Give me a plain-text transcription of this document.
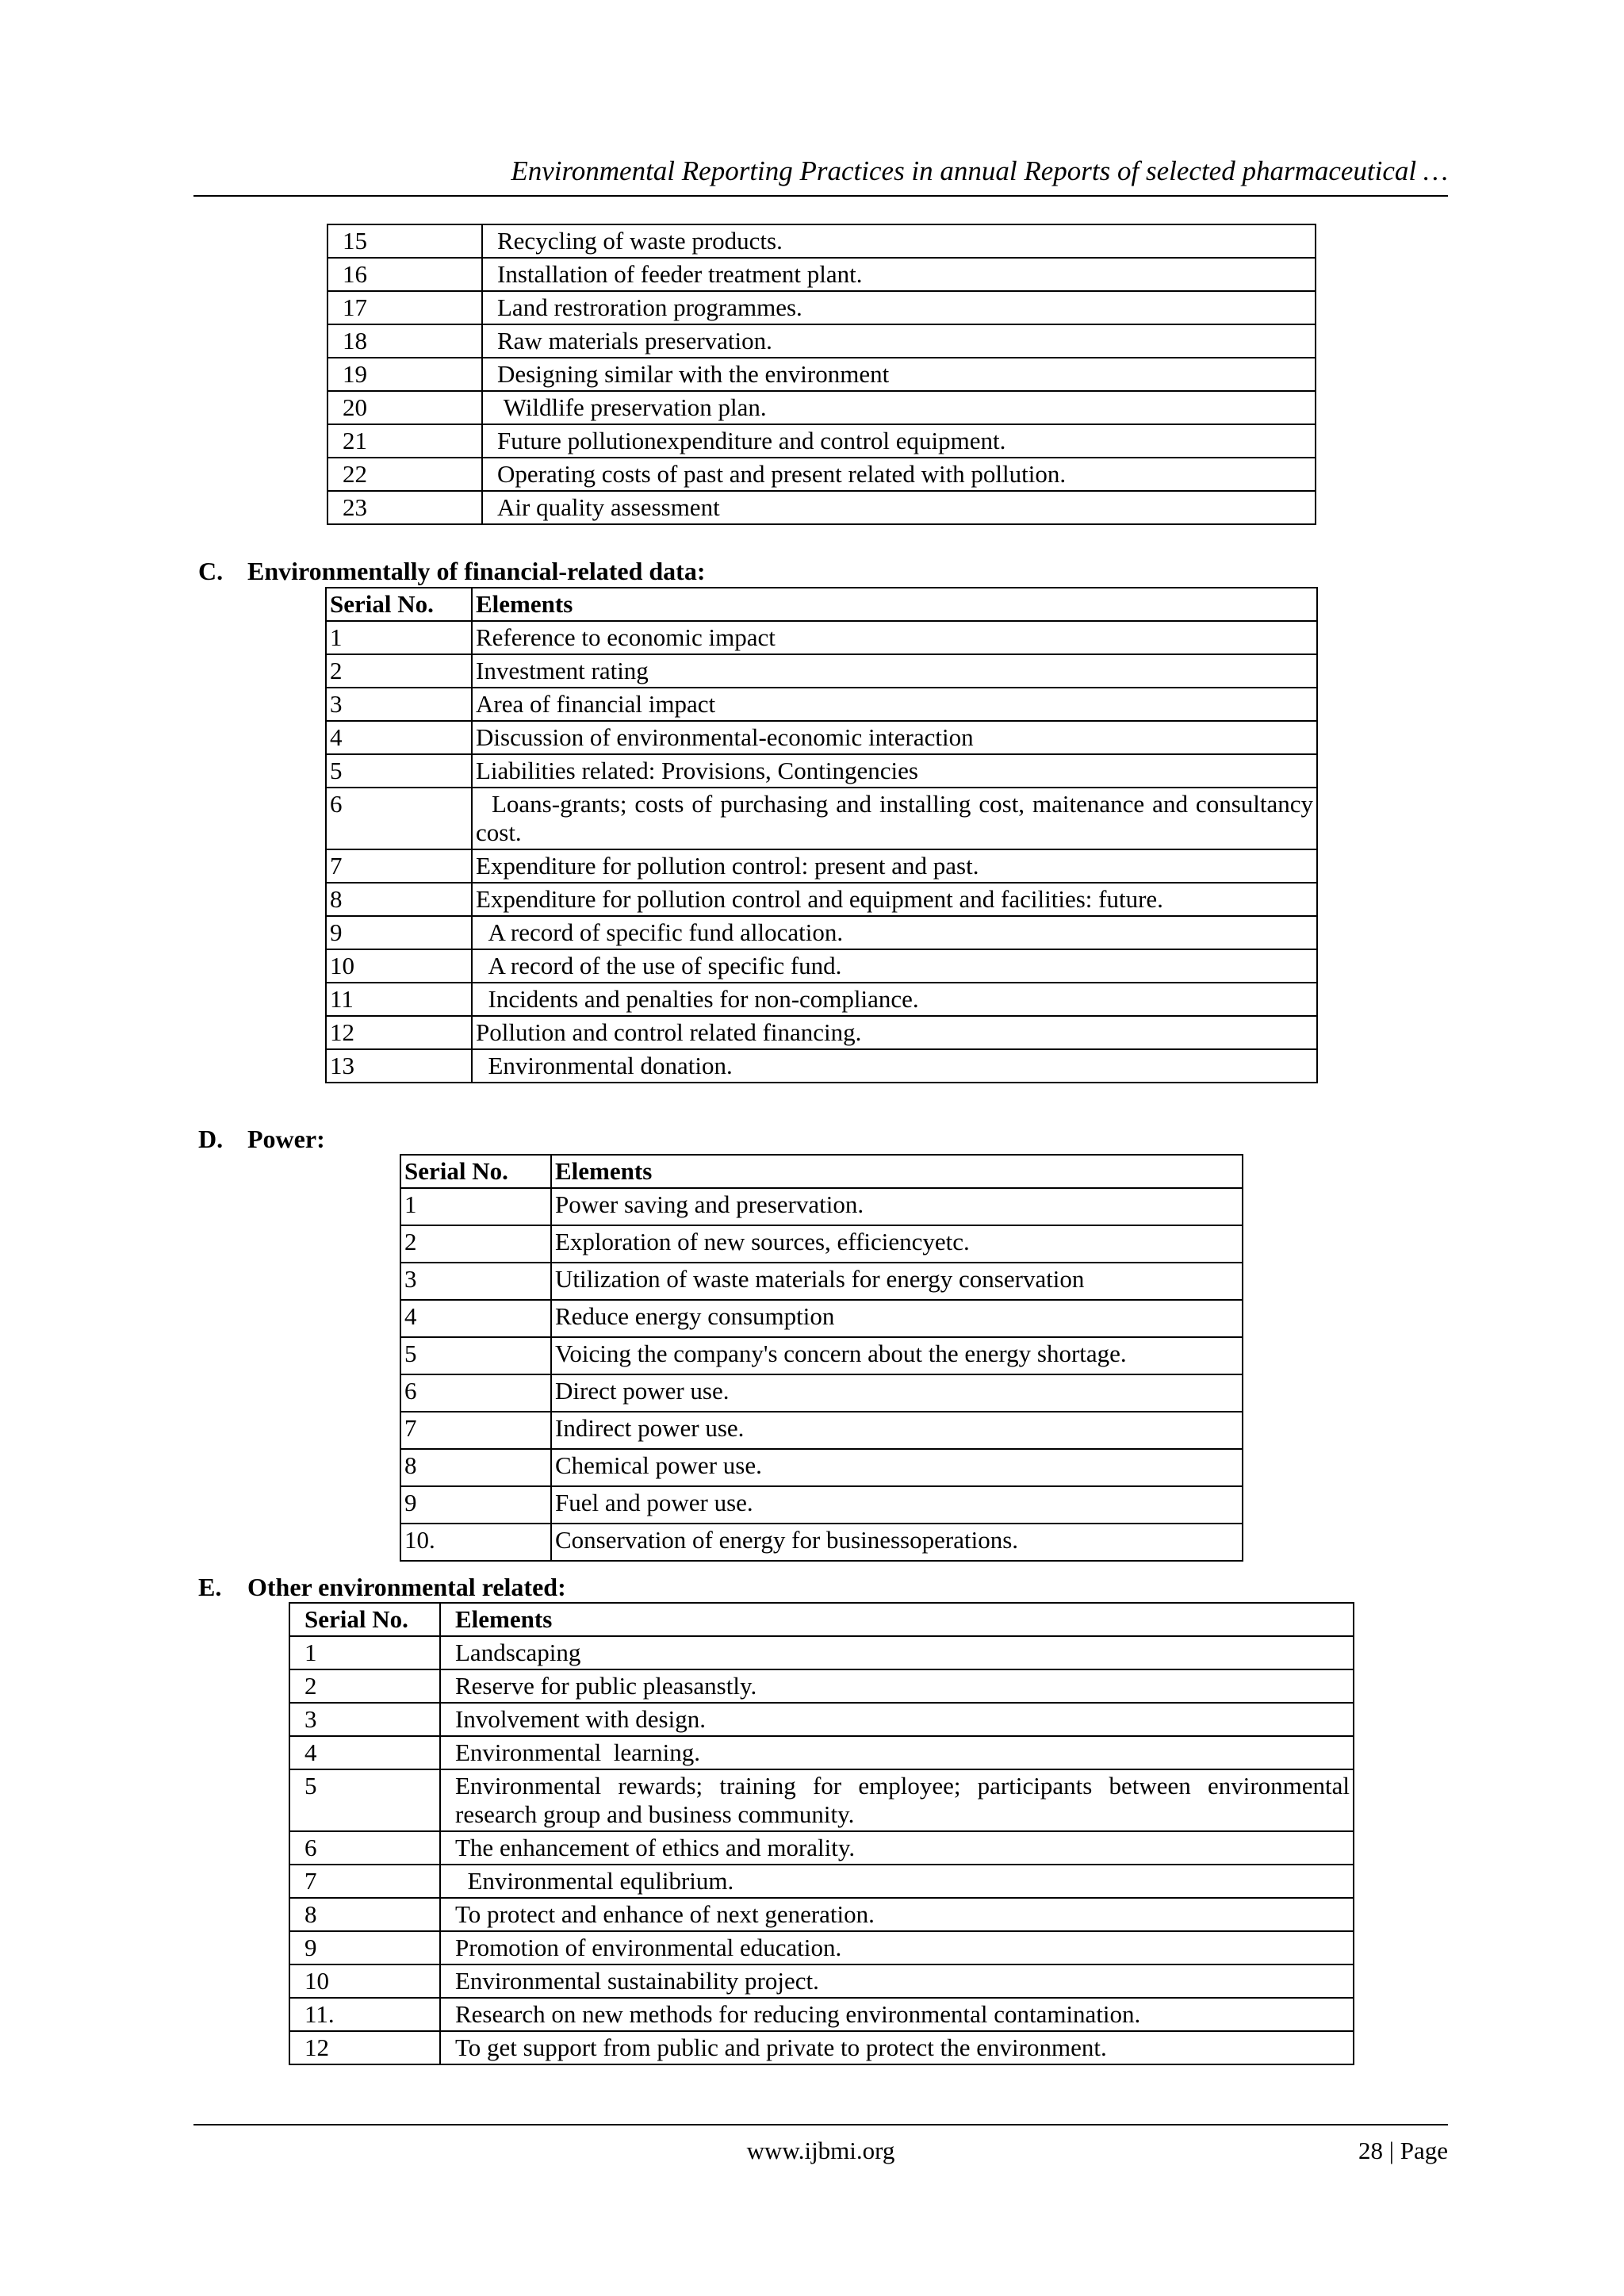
Environmental Reporting Practices in annual Reports of selected pharmaceutical …
15	Recycling of waste products.
16	Installation of feeder treatment plant.
17	Land restroration programmes.
18	Raw materials preservation.
19	Designing similar with the environment
20	Wildlife preservation plan.
21	Future pollutionexpenditure and control equipment.
22	Operating costs of past and present related with pollution.
23	Air quality assessment
C. Environmentally of financial-related data:
Serial No.	Elements
1	Reference to economic impact
2	Investment rating
3	Area of financial impact
4	Discussion of environmental-economic interaction
5	Liabilities related: Provisions, Contingencies
6	Loans-grants; costs of purchasing and installing cost, maitenance and consultancy cost.
7	Expenditure for pollution control: present and past.
8	Expenditure for pollution control and equipment and facilities: future.
9	A record of specific fund allocation.
10	A record of the use of specific fund.
11	Incidents and penalties for non-compliance.
12	Pollution and control related financing.
13	Environmental donation.
D. Power:
Serial No.	Elements
1	Power saving and preservation.
2	Exploration of new sources, efficiencyetc.
3	Utilization of waste materials for energy conservation
4	Reduce energy consumption
5	Voicing the company's concern about the energy shortage.
6	Direct power use.
7	Indirect power use.
8	Chemical power use.
9	Fuel and power use.
10.	Conservation of energy for businessoperations.
E. Other environmental related:
Serial No.	Elements
1	Landscaping
2	Reserve for public pleasanstly.
3	Involvement with design.
4	Environmental  learning.
5	Environmental rewards; training for employee; participants between environmental research group and business community.
6	The enhancement of ethics and morality.
7	Environmental equlibrium.
8	To protect and enhance of next generation.
9	Promotion of environmental education.
10	Environmental sustainability project.
11.	Research on new methods for reducing environmental contamination.
12	To get support from public and private to protect the environment.
www.ijbmi.org	28 | Page
